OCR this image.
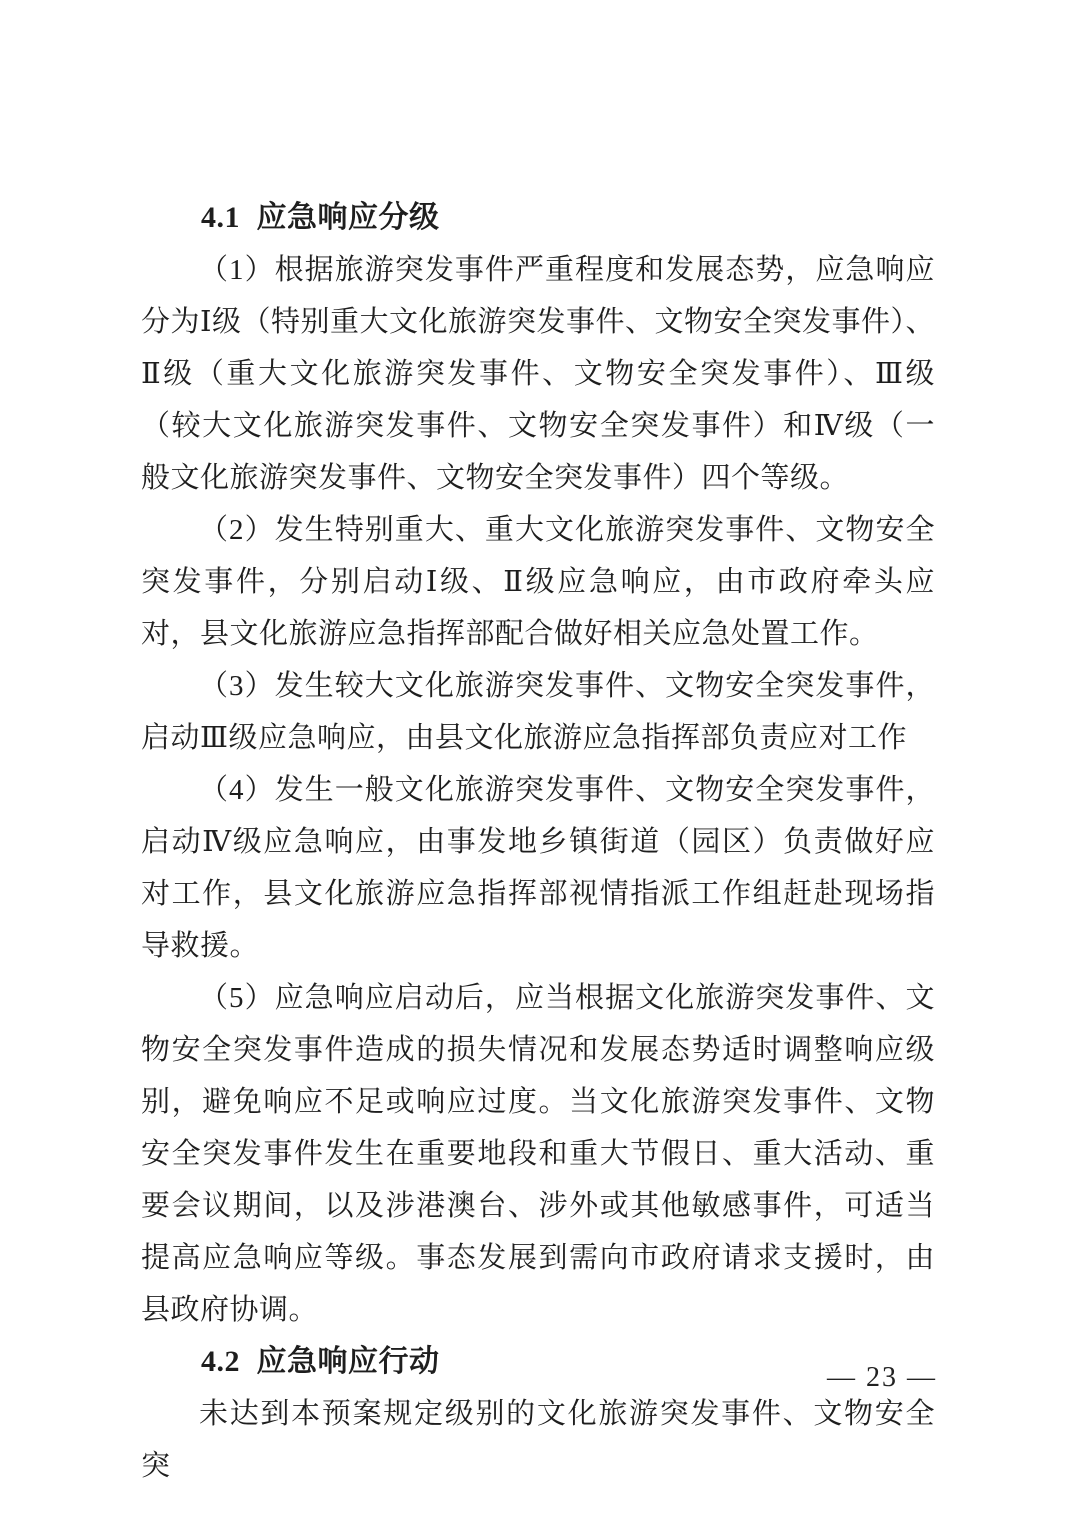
4.1 应急响应分级

（1）根据旅游突发事件严重程度和发展态势，应急响应分为Ⅰ级（特别重大文化旅游突发事件、文物安全突发事件）、Ⅱ级（重大文化旅游突发事件、文物安全突发事件）、Ⅲ级（较大文化旅游突发事件、文物安全突发事件）和Ⅳ级（一般文化旅游突发事件、文物安全突发事件）四个等级。

（2）发生特别重大、重大文化旅游突发事件、文物安全突发事件，分别启动Ⅰ级、Ⅱ级应急响应，由市政府牵头应对，县文化旅游应急指挥部配合做好相关应急处置工作。

（3）发生较大文化旅游突发事件、文物安全突发事件，启动Ⅲ级应急响应，由县文化旅游应急指挥部负责应对工作

（4）发生一般文化旅游突发事件、文物安全突发事件，启动Ⅳ级应急响应，由事发地乡镇街道（园区）负责做好应对工作，县文化旅游应急指挥部视情指派工作组赶赴现场指导救援。

（5）应急响应启动后，应当根据文化旅游突发事件、文物安全突发事件造成的损失情况和发展态势适时调整响应级别，避免响应不足或响应过度。当文化旅游突发事件、文物安全突发事件发生在重要地段和重大节假日、重大活动、重要会议期间，以及涉港澳台、涉外或其他敏感事件，可适当提高应急响应等级。事态发展到需向市政府请求支援时，由县政府协调。

4.2 应急响应行动

未达到本预案规定级别的文化旅游突发事件、文物安全突

— 23 —
